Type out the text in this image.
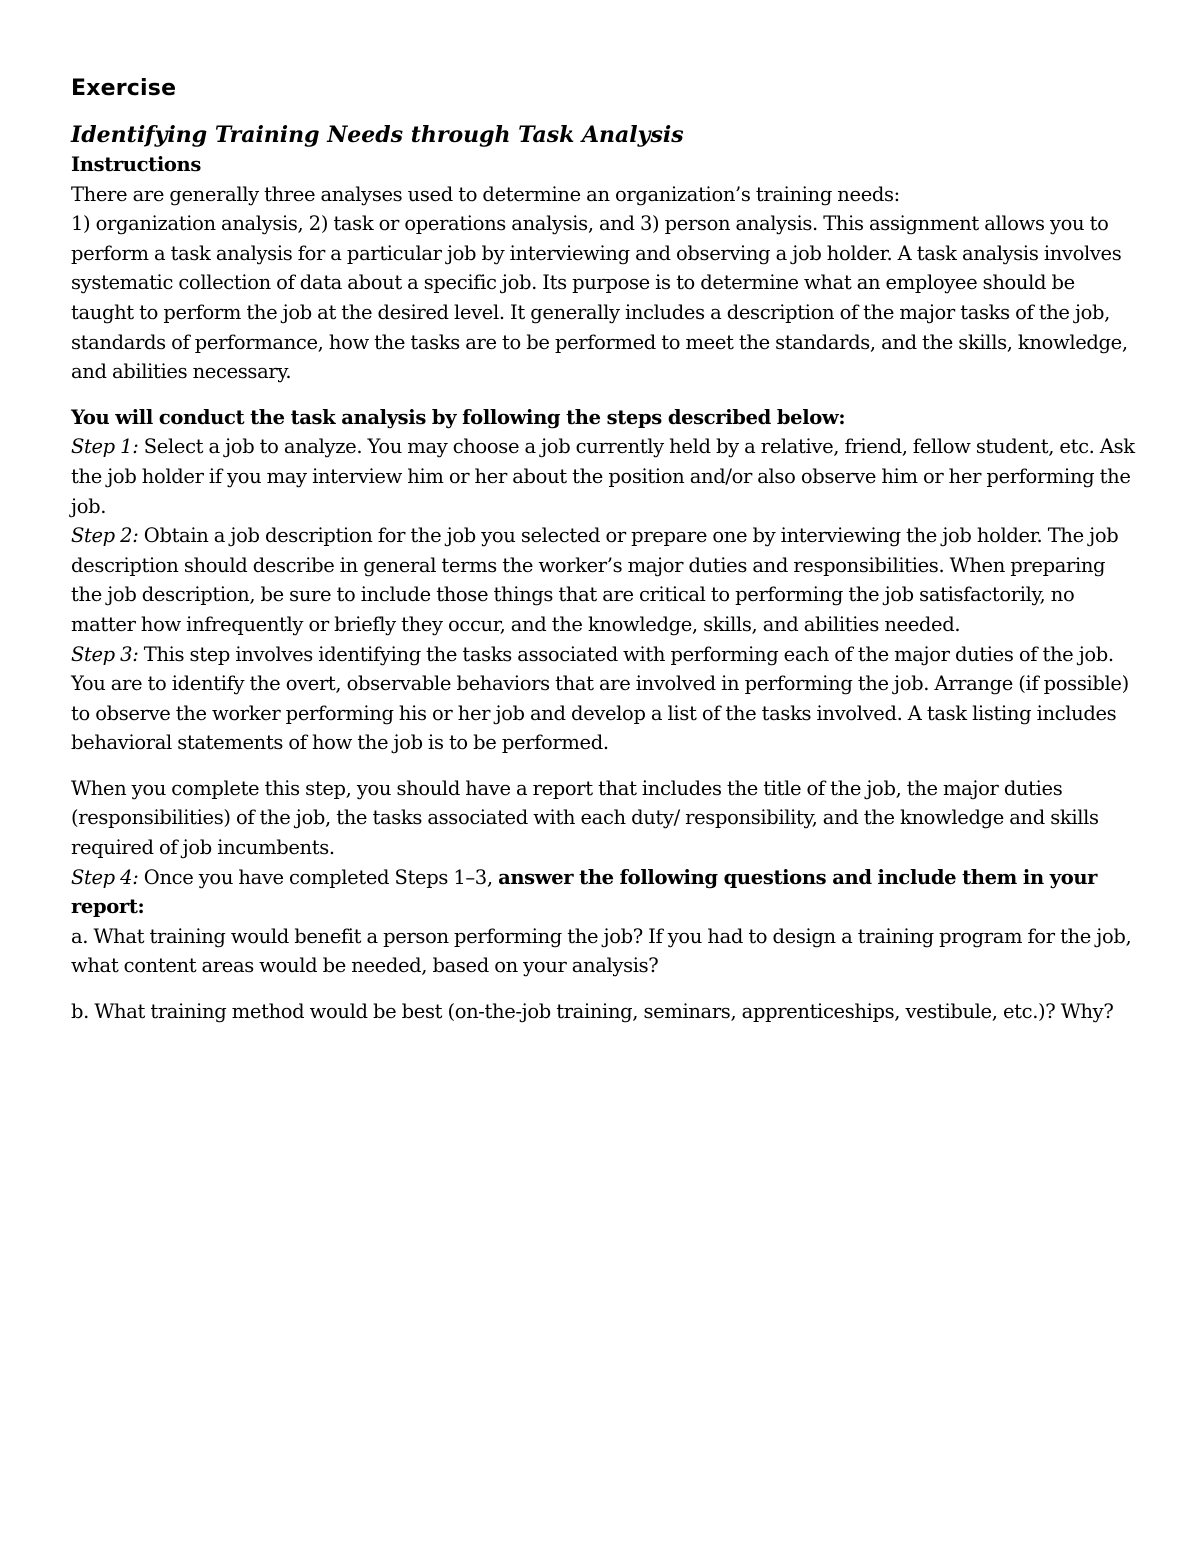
Exercise
Identifying Training Needs through Task Analysis
Instructions
There are generally three analyses used to determine an organization’s training needs:
1) organization analysis, 2) task or operations analysis, and 3) person analysis. This assignment allows you to perform a task analysis for a particular job by interviewing and observing a job holder. A task analysis involves systematic collection of data about a specific job. Its purpose is to determine what an employee should be taught to perform the job at the desired level. It generally includes a description of the major tasks of the job, standards of performance, how the tasks are to be performed to meet the standards, and the skills, knowledge, and abilities necessary.
You will conduct the task analysis by following the steps described below:
Step 1: Select a job to analyze. You may choose a job currently held by a relative, friend, fellow student, etc. Ask the job holder if you may interview him or her about the position and/or also observe him or her performing the job.
Step 2: Obtain a job description for the job you selected or prepare one by interviewing the job holder. The job description should describe in general terms the worker’s major duties and responsibilities. When preparing the job description, be sure to include those things that are critical to performing the job satisfactorily, no matter how infrequently or briefly they occur, and the knowledge, skills, and abilities needed.
Step 3: This step involves identifying the tasks associated with performing each of the major duties of the job. You are to identify the overt, observable behaviors that are involved in performing the job. Arrange (if possible) to observe the worker performing his or her job and develop a list of the tasks involved. A task listing includes behavioral statements of how the job is to be performed.
When you complete this step, you should have a report that includes the title of the job, the major duties (responsibilities) of the job, the tasks associated with each duty/ responsibility, and the knowledge and skills required of job incumbents.
Step 4: Once you have completed Steps 1–3, answer the following questions and include them in your report:
a. What training would benefit a person performing the job? If you had to design a training program for the job, what content areas would be needed, based on your analysis?
b. What training method would be best (on-the-job training, seminars, apprenticeships, vestibule, etc.)? Why?
